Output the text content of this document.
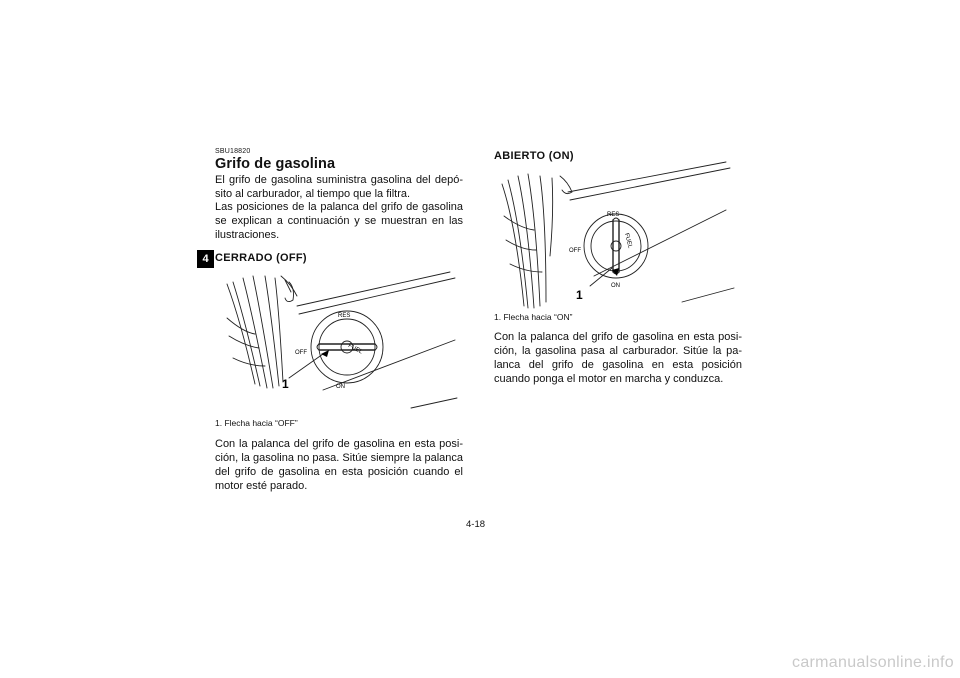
4
SBU18820
Grifo de gasolina
El grifo de gasolina suministra gasolina del depó-
sito al carburador, al tiempo que la filtra.
Las posiciones de la palanca del grifo de gasolina
se explican a continuación y se muestran en las
ilustraciones.
CERRADO (OFF)
RES
OFF	FUEL
ON
1
1. Flecha hacia “OFF”
Con la palanca del grifo de gasolina en esta posi-
ción, la gasolina no pasa. Sitúe siempre la palanca
del grifo de gasolina en esta posición cuando el
motor esté parado.
ABIERTO (ON)
RES
OFF
FUEL
ON
1
1. Flecha hacia “ON”
Con la palanca del grifo de gasolina en esta posi-
ción, la gasolina pasa al carburador. Sitúe la pa-
lanca del grifo de gasolina en esta posición
cuando ponga el motor en marcha y conduzca.
4-18
carmanualsonline.info
